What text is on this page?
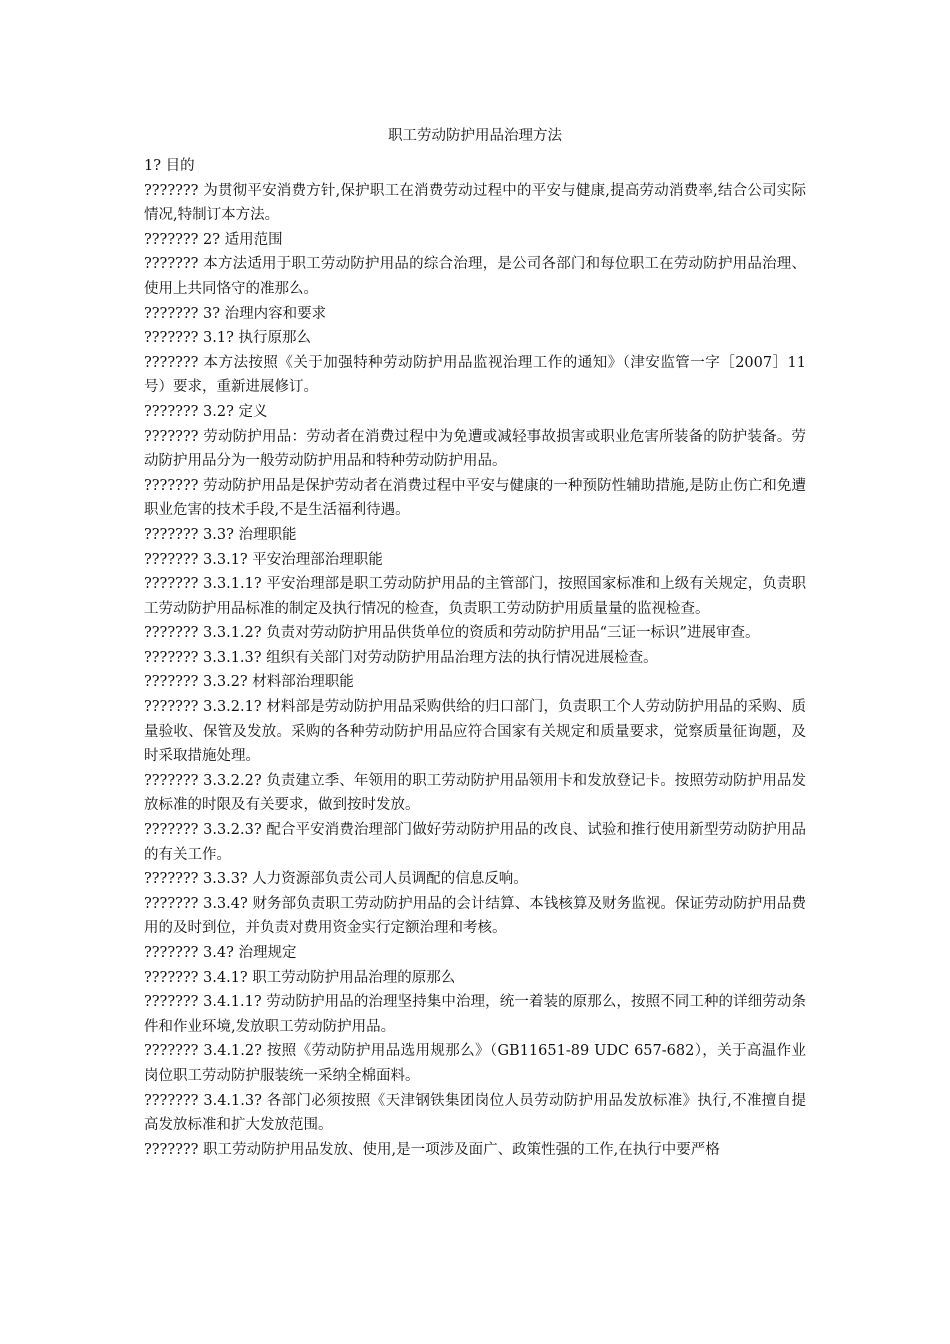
职工劳动防护用品治理方法

1? 目的

??????? 为贯彻平安消费方针,保护职工在消费劳动过程中的平安与健康,提高劳动消费率,结合公司实际情况,特制订本方法。

??????? 2? 适用范围

??????? 本方法适用于职工劳动防护用品的综合治理，是公司各部门和每位职工在劳动防护用品治理、使用上共同恪守的准那么。

??????? 3? 治理内容和要求

??????? 3.1? 执行原那么

??????? 本方法按照《关于加强特种劳动防护用品监视治理工作的通知》（津安监管一字［2007］11号）要求，重新进展修订。

??????? 3.2? 定义

??????? 劳动防护用品：劳动者在消费过程中为免遭或减轻事故损害或职业危害所装备的防护装备。劳动防护用品分为一般劳动防护用品和特种劳动防护用品。

??????? 劳动防护用品是保护劳动者在消费过程中平安与健康的一种预防性辅助措施,是防止伤亡和免遭职业危害的技术手段,不是生活福利待遇。

??????? 3.3? 治理职能

??????? 3.3.1? 平安治理部治理职能

??????? 3.3.1.1? 平安治理部是职工劳动防护用品的主管部门，按照国家标准和上级有关规定，负责职工劳动防护用品标准的制定及执行情况的检查，负责职工劳动防护用质量量的监视检查。

??????? 3.3.1.2? 负责对劳动防护用品供货单位的资质和劳动防护用品“三证一标识”进展审查。

??????? 3.3.1.3? 组织有关部门对劳动防护用品治理方法的执行情况进展检查。

??????? 3.3.2? 材料部治理职能

??????? 3.3.2.1? 材料部是劳动防护用品采购供给的归口部门，负责职工个人劳动防护用品的采购、质量验收、保管及发放。采购的各种劳动防护用品应符合国家有关规定和质量要求，觉察质量征询题，及时采取措施处理。

??????? 3.3.2.2? 负责建立季、年领用的职工劳动防护用品领用卡和发放登记卡。按照劳动防护用品发放标准的时限及有关要求，做到按时发放。

??????? 3.3.2.3? 配合平安消费治理部门做好劳动防护用品的改良、试验和推行使用新型劳动防护用品的有关工作。

??????? 3.3.3? 人力资源部负责公司人员调配的信息反响。

??????? 3.3.4? 财务部负责职工劳动防护用品的会计结算、本钱核算及财务监视。保证劳动防护用品费用的及时到位，并负责对费用资金实行定额治理和考核。

??????? 3.4? 治理规定

??????? 3.4.1? 职工劳动防护用品治理的原那么

??????? 3.4.1.1? 劳动防护用品的治理坚持集中治理，统一着装的原那么，按照不同工种的详细劳动条件和作业环境,发放职工劳动防护用品。

??????? 3.4.1.2? 按照《劳动防护用品选用规那么》（GB11651-89 UDC 657-682），关于高温作业岗位职工劳动防护服装统一采纳全棉面料。

??????? 3.4.1.3? 各部门必须按照《天津钢铁集团岗位人员劳动防护用品发放标准》执行,不准擅自提高发放标准和扩大发放范围。

??????? 职工劳动防护用品发放、使用,是一项涉及面广、政策性强的工作,在执行中要严格
